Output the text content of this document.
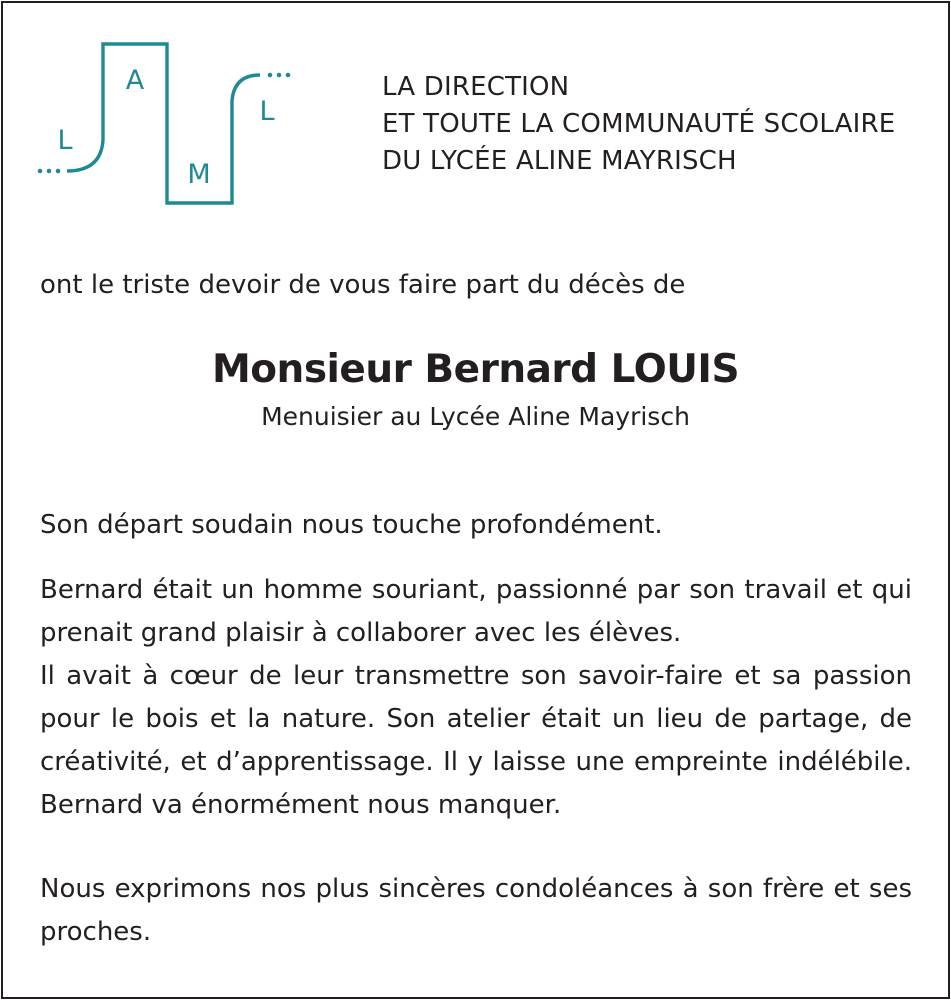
L
A
M
L
LA DIRECTION
ET TOUTE LA COMMUNAUTÉ SCOLAIRE
DU LYCÉE ALINE MAYRISCH
ont le triste devoir de vous faire part du décès de
Monsieur Bernard LOUIS
Menuisier au Lycée Aline Mayrisch
Son départ soudain nous touche profondément.
Bernard était un homme souriant, passionné par son travail et qui prenait grand plaisir à collaborer avec les élèves.
Il avait à cœur de leur transmettre son savoir-faire et sa passion pour le bois et la nature. Son atelier était un lieu de partage, de créativité, et d’apprentissage. Il y laisse une empreinte indélébile. Bernard va énormément nous manquer.
Nous exprimons nos plus sincères condoléances à son frère et ses proches.
